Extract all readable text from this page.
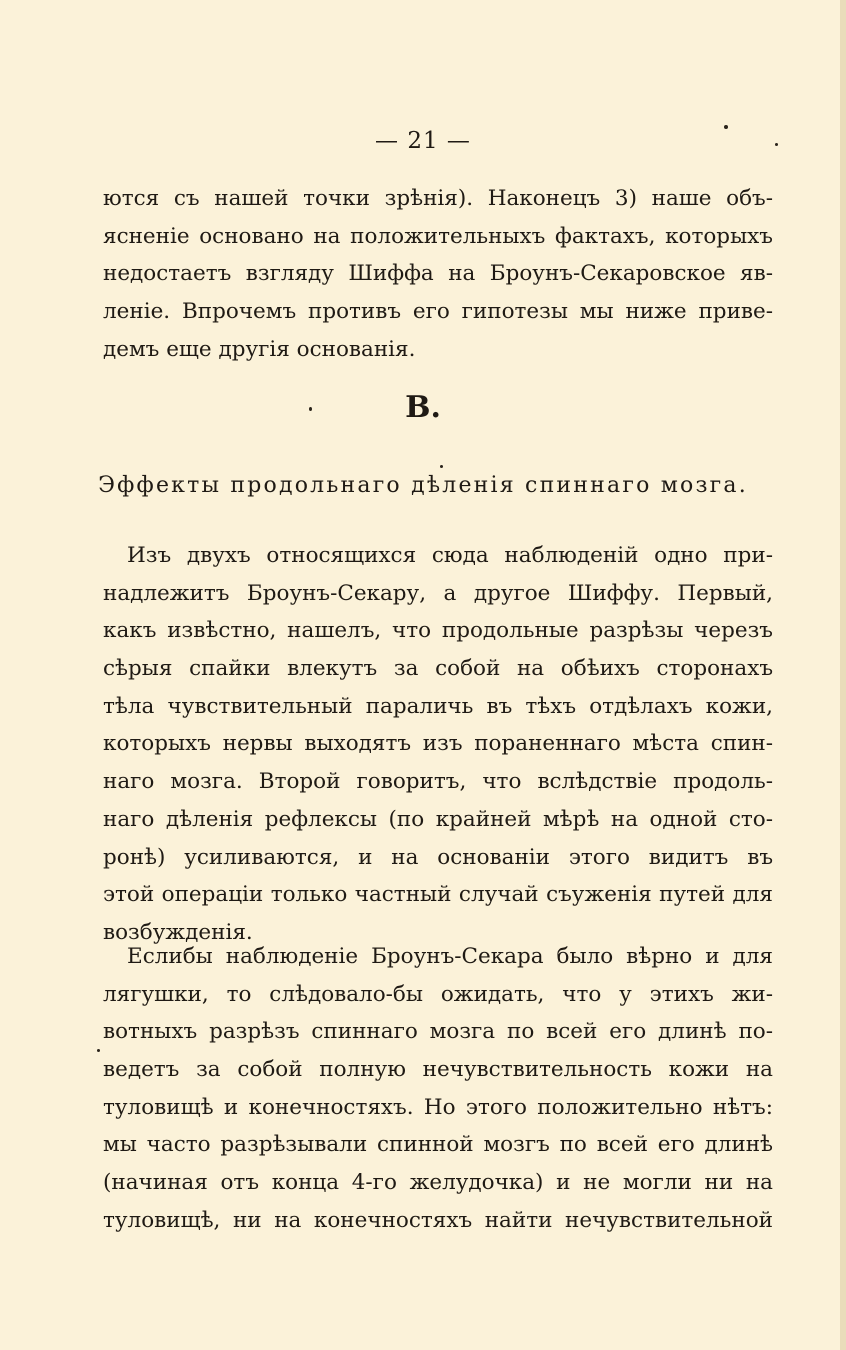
— 21 —
ются съ нашей точки зрѣнія). Наконецъ 3) наше объ-
ясненіе основано на положительныхъ фактахъ, которыхъ
недостаетъ взгляду Шиффа на Броунъ-Секаровское яв-
леніе. Впрочемъ противъ его гипотезы мы ниже приве-
демъ еще другія основанія.
В.
Эффекты продольнаго дѣленія спиннаго мозга.
Изъ двухъ относящихся сюда наблюденій одно при-
надлежитъ Броунъ-Секару, а другое Шиффу. Первый,
какъ извѣстно, нашелъ, что продольные разрѣзы черезъ
сѣрыя спайки влекутъ за собой на обѣихъ сторонахъ
тѣла чувствительный параличь въ тѣхъ отдѣлахъ кожи,
которыхъ нервы выходятъ изъ пораненнаго мѣста спин-
наго мозга. Второй говоритъ, что вслѣдствіе продоль-
наго дѣленія рефлексы (по крайней мѣрѣ на одной сто-
ронѣ) усиливаются, и на основаніи этого видитъ въ
этой операціи только частный случай съуженія путей для
возбужденія.
Еслибы наблюденіе Броунъ-Секара было вѣрно и для
лягушки, то слѣдовало-бы ожидать, что у этихъ жи-
вотныхъ разрѣзъ спиннаго мозга по всей его длинѣ по-
ведетъ за собой полную нечувствительность кожи на
туловищѣ и конечностяхъ. Но этого положительно нѣтъ:
мы часто разрѣзывали спинной мозгъ по всей его длинѣ
(начиная отъ конца 4-го желудочка) и не могли ни на
туловищѣ, ни на конечностяхъ найти нечувствительной
